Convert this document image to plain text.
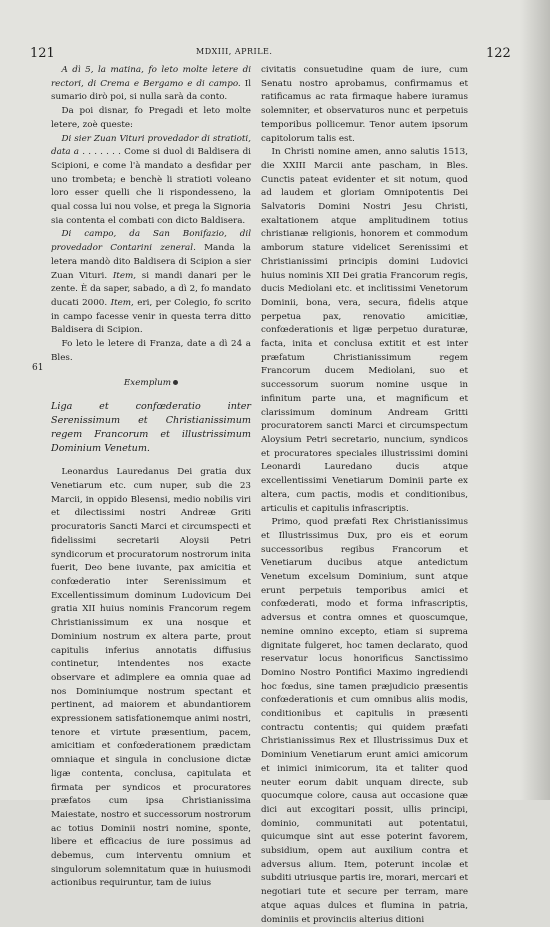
121	MDXIII, APRILE.	122
61

A dì 5, la matina, fo leto molte letere di rectori, di Crema e Bergamo e di campo. Il sumario dirò poi, si nulla sarà da conto.

Da poi disnar, fo Pregadi et leto molte letere, zoè queste:

Di sier Zuan Vituri provedador di stratioti, data a . . . . . . . Come si duol di Baldisera di Scipioni, e come l'à mandato a desfidar per uno trombeta; e benchè li stratioti voleano loro esser quelli che li rispondesseno, la qual cossa lui nou volse, et prega la Signoria sia contenta el combati con dicto Baldisera.

Di campo, da San Bonifazio, dil provedador Contarini zeneral. Manda la letera mandò dito Baldisera di Scipion a sier Zuan Vituri. Item, si mandi danari per le zente. È da saper, sabado, a dì 2, fo mandato ducati 2000. Item, eri, per Colegio, fo scrito in campo facesse venir in questa terra ditto Baldisera di Scipion.

Fo leto le letere di Franza, date a dì 24 a Bles.

Exemplum

Liga et confœderatio inter Serenissimum et Christianissimum regem Francorum et illustrissimum Dominium Venetum.

Leonardus Lauredanus Dei gratia dux Venetiarum etc. cum nuper, sub die 23 Marcii, in oppido Blesensi, medio nobilis viri et dilectissimi nostri Andreæ Griti procuratoris Sancti Marci et circumspecti et fidelissimi secretarii Aloysii Petri syndicorum et procuratorum nostrorum inita fuerit, Deo bene iuvante, pax amicitia et confœderatio inter Serenissimum et Excellentissimum dominum Ludovicum Dei gratia XII huius nominis Francorum regem Christianissimum ex una nosque et Dominium nostrum ex altera parte, prout capitulis inferius annotatis diffusius continetur, intendentes nos exacte observare et adimplere ea omnia quae ad nos Dominiumque nostrum spectant et pertinent, ad maiorem et abundantiorem expressionem satisfationemque animi nostri, tenore et virtute præsentium, pacem, amicitiam et confœderationem prædictam omniaque et singula in conclusione dictæ ligæ contenta, conclusa, capitulata et firmata per syndicos et procuratores præfatos cum ipsa Christianissima Maiestate, nostro et successorum nostrorum ac totius Dominii nostri nomine, sponte, libere et efficacius de iure possimus ad debemus, cum interventu omnium et singulorum solemnitatum quæ in huiusmodi actionibus requiruntur, tam de iuius

civitatis consuetudine quam de iure, cum Senatu nostro aprobamus, confirmamus et ratificamus ac rata firmaque habere iuramus solemniter, et observaturos nunc et perpetuis temporibus pollicemur. Tenor autem ipsorum capitolorum talis est.

In Christi nomine amen, anno salutis 1513, die XXIII Marcii ante pascham, in Bles. Cunctis pateat evidenter et sit notum, quod ad laudem et gloriam Omnipotentis Dei Salvatoris Domini Nostri Jesu Christi, exaltationem atque amplitudinem totius christianæ religionis, honorem et commodum amborum stature videlicet Serenissimi et Christianissimi principis domini Ludovici huius nominis XII Dei gratia Francorum regis, ducis Mediolani etc. et inclitissimi Venetorum Dominii, bona, vera, secura, fidelis atque perpetua pax, renovatio amicitiæ, confœderationis et ligæ perpetuo duraturæ, facta, inita et conclusa extitit et est inter præfatum Christianissimum regem Francorum ducem Mediolani, suo et successorum suorum nomine usque in infinitum parte una, et magnificum et clarissimum dominum Andream Gritti procuratorem sancti Marci et circumspectum Aloysium Petri secretario, nuncium, syndicos et procuratores speciales illustrissimi domini Leonardi Lauredano ducis atque excellentissimi Venetiarum Dominii parte ex altera, cum pactis, modis et conditionibus, articulis et capitulis infrascriptis.

Primo, quod præfati Rex Christianissimus et Illustrissimus Dux, pro eis et eorum successoribus regibus Francorum et Venetiarum ducibus atque antedictum Venetum excelsum Dominium, sunt atque erunt perpetuis temporibus amici et confœderati, modo et forma infrascriptis, adversus et contra omnes et quoscumque, nemine omnino excepto, etiam si suprema dignitate fulgeret, hoc tamen declarato, quod reservatur locus honorificus Sanctissimo Domino Nostro Pontifici Maximo ingrediendi hoc fœdus, sine tamen præjudicio præsentis confœderationis et cum omnibus aliis modis, conditionibus et capitulis in præsenti contractu contentis; qui quidem præfati Christianissimus Rex et Illustrissimus Dux et Dominium Venetiarum erunt amici amicorum et inimici inimicorum, ita et taliter quod neuter eorum dabit unquam directe, sub quocumque colore, causa aut occasione quæ dici aut excogitari possit, ullis principi, dominio, communitati aut potentatui, quicumque sint aut esse poterint favorem, subsidium, opem aut auxilium contra et adversus alium. Item, poterunt incolæ et subditi utriusque partis ire, morari, mercari et negotiari tute et secure per terram, mare atque aquas dulces et flumina in patria, dominiis et provinciis alterius ditioni
